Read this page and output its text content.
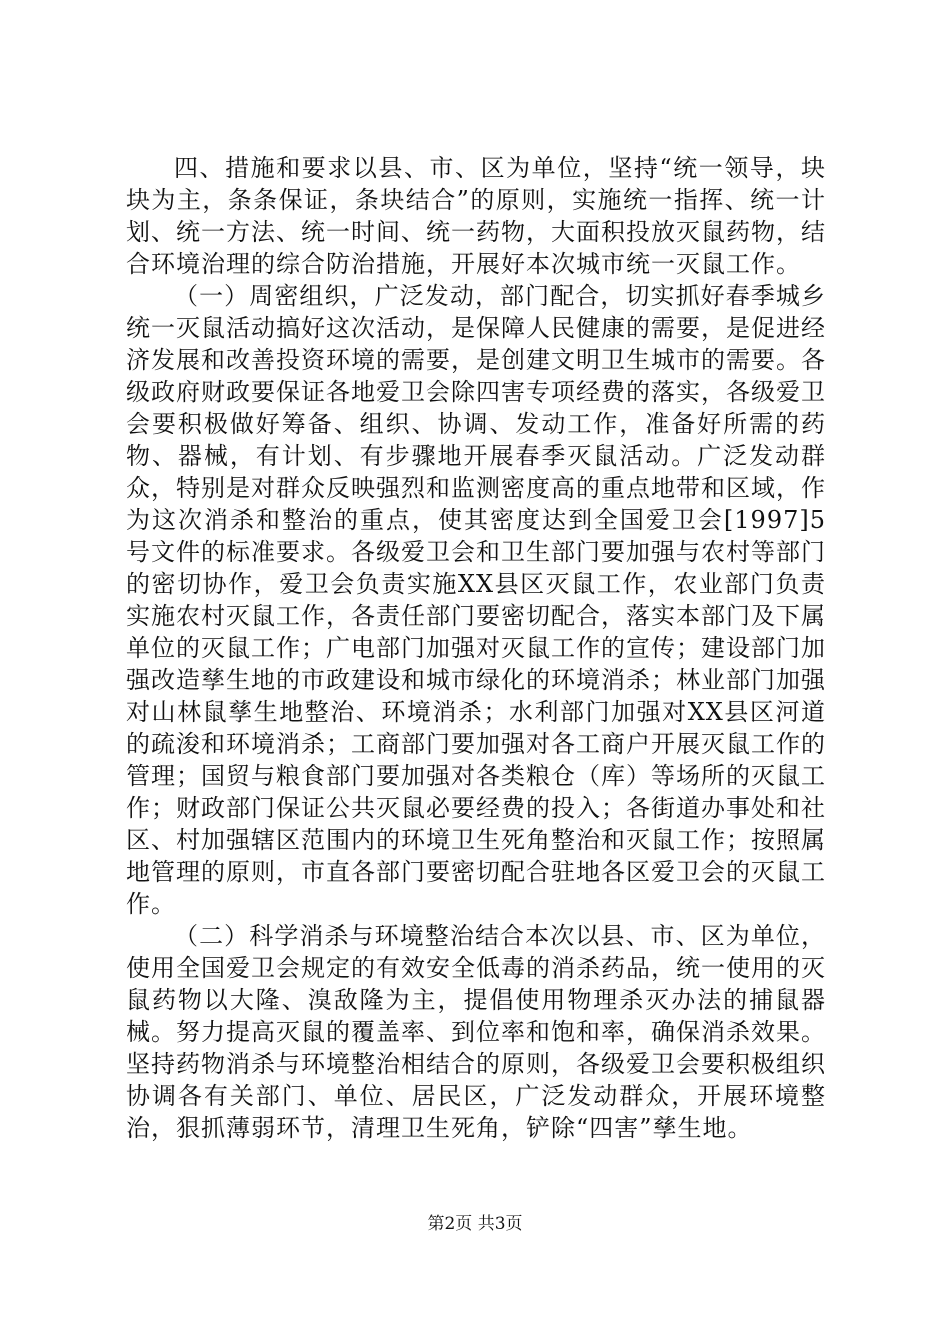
四、措施和要求以县、市、区为单位，坚持“统一领导，块块为主，条条保证，条块结合”的原则，实施统一指挥、统一计划、统一方法、统一时间、统一药物，大面积投放灭鼠药物，结合环境治理的综合防治措施，开展好本次城市统一灭鼠工作。

（一）周密组织，广泛发动，部门配合，切实抓好春季城乡统一灭鼠活动搞好这次活动，是保障人民健康的需要，是促进经济发展和改善投资环境的需要，是创建文明卫生城市的需要。各级政府财政要保证各地爱卫会除四害专项经费的落实，各级爱卫会要积极做好筹备、组织、协调、发动工作，准备好所需的药物、器械，有计划、有步骤地开展春季灭鼠活动。广泛发动群众，特别是对群众反映强烈和监测密度高的重点地带和区域，作为这次消杀和整治的重点，使其密度达到全国爱卫会[1997]5号文件的标准要求。各级爱卫会和卫生部门要加强与农村等部门的密切协作，爱卫会负责实施XX县区灭鼠工作，农业部门负责实施农村灭鼠工作，各责任部门要密切配合，落实本部门及下属单位的灭鼠工作；广电部门加强对灭鼠工作的宣传；建设部门加强改造孳生地的市政建设和城市绿化的环境消杀；林业部门加强对山林鼠孳生地整治、环境消杀；水利部门加强对XX县区河道的疏浚和环境消杀；工商部门要加强对各工商户开展灭鼠工作的管理；国贸与粮食部门要加强对各类粮仓（库）等场所的灭鼠工作；财政部门保证公共灭鼠必要经费的投入；各街道办事处和社区、村加强辖区范围内的环境卫生死角整治和灭鼠工作；按照属地管理的原则，市直各部门要密切配合驻地各区爱卫会的灭鼠工作。

（二）科学消杀与环境整治结合本次以县、市、区为单位，使用全国爱卫会规定的有效安全低毒的消杀药品，统一使用的灭鼠药物以大隆、溴敌隆为主，提倡使用物理杀灭办法的捕鼠器械。努力提高灭鼠的覆盖率、到位率和饱和率，确保消杀效果。坚持药物消杀与环境整治相结合的原则，各级爱卫会要积极组织协调各有关部门、单位、居民区，广泛发动群众，开展环境整治，狠抓薄弱环节，清理卫生死角，铲除“四害”孳生地。

第2页 共3页
